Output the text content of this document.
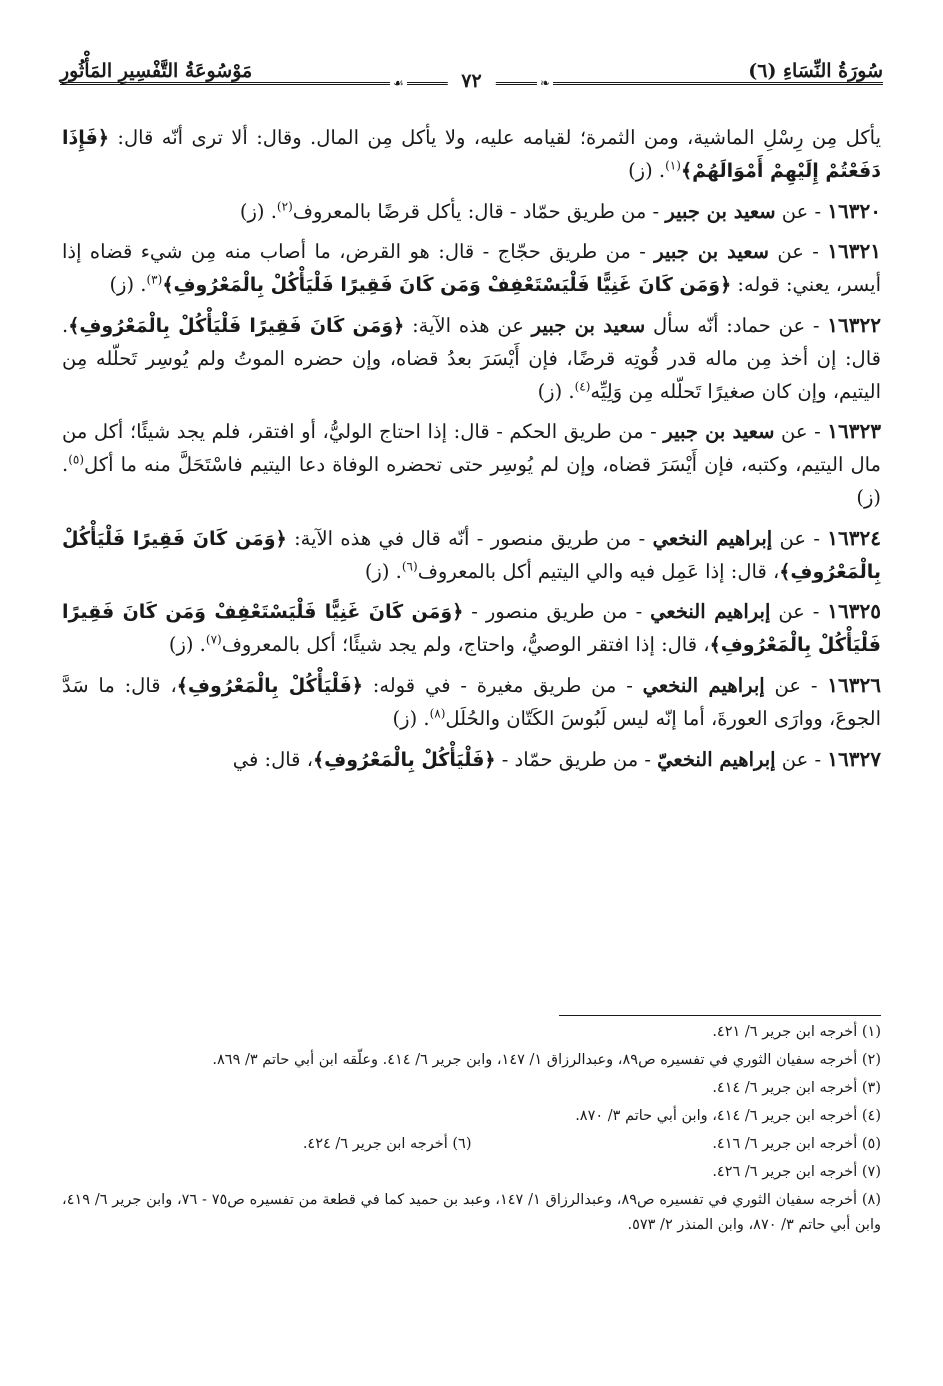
❧
☙
سُورَةُ النِّسَاءِ (٦)
٧٢
مَوْسُوعَةُ التَّفْسِيرِ المَأْثُورِ

يأكل مِن رِسْلِ الماشية، ومن الثمرة؛ لقيامه عليه، ولا يأكل مِن المال. وقال: ألا ترى أنّه قال: ﴿فَإِذَا دَفَعْتُمْ إِلَيْهِمْ أَمْوَالَهُمْ﴾$^{(١)}$. (ز)

١٦٣٢٠ - عن سعيد بن جبير - من طريق حمّاد - قال: يأكل قرضًا بالمعروف$^{(٢)}$. (ز)

١٦٣٢١ - عن سعيد بن جبير - من طريق حجّاج - قال: هو القرض، ما أصاب منه مِن شيء قضاه إذا أيسر، يعني: قوله: ﴿وَمَن كَانَ غَنِيًّا فَلْيَسْتَعْفِفْ وَمَن كَانَ فَقِيرًا فَلْيَأْكُلْ بِالْمَعْرُوفِ﴾$^{(٣)}$. (ز)

١٦٣٢٢ - عن حماد: أنّه سأل سعيد بن جبير عن هذه الآية: ﴿وَمَن كَانَ فَقِيرًا فَلْيَأْكُلْ بِالْمَعْرُوفِ﴾. قال: إن أخذ مِن ماله قدر قُوتِه قرضًا، فإن أَيْسَرَ بعدُ قضاه، وإن حضره الموتُ ولم يُوسِر تَحلّله مِن اليتيم، وإن كان صغيرًا تَحلّله مِن وَلِيِّه$^{(٤)}$. (ز)

١٦٣٢٣ - عن سعيد بن جبير - من طريق الحكم - قال: إذا احتاج الوليُّ، أو افتقر، فلم يجد شيئًا؛ أكل من مال اليتيم، وكتبه، فإن أَيْسَرَ قضاه، وإن لم يُوسِر حتى تحضره الوفاة دعا اليتيم فاسْتَحَلَّ منه ما أكل$^{(٥)}$. (ز)

١٦٣٢٤ - عن إبراهيم النخعي - من طريق منصور - أنّه قال في هذه الآية: ﴿وَمَن كَانَ فَقِيرًا فَلْيَأْكُلْ بِالْمَعْرُوفِ﴾، قال: إذا عَمِل فيه والي اليتيم أكل بالمعروف$^{(٦)}$. (ز)

١٦٣٢٥ - عن إبراهيم النخعي - من طريق منصور - ﴿وَمَن كَانَ غَنِيًّا فَلْيَسْتَعْفِفْ وَمَن كَانَ فَقِيرًا فَلْيَأْكُلْ بِالْمَعْرُوفِ﴾، قال: إذا افتقر الوصيُّ، واحتاج، ولم يجد شيئًا؛ أكل بالمعروف$^{(٧)}$. (ز)

١٦٣٢٦ - عن إبراهيم النخعي - من طريق مغيرة - في قوله: ﴿فَلْيَأْكُلْ بِالْمَعْرُوفِ﴾، قال: ما سَدَّ الجوعَ، ووارَى العورةَ، أما إنّه ليس لَبُوسَ الكَتّان والحُلَل$^{(٨)}$. (ز)

١٦٣٢٧ - عن إبراهيم النخعيّ - من طريق حمّاد - ﴿فَلْيَأْكُلْ بِالْمَعْرُوفِ﴾، قال: في

(١) أخرجه ابن جرير ٦/ ٤٢١.

(٢) أخرجه سفيان الثوري في تفسيره ص٨٩، وعبدالرزاق ١/ ١٤٧، وابن جرير ٦/ ٤١٤. وعلّقه ابن أبي حاتم ٣/ ٨٦٩.

(٣) أخرجه ابن جرير ٦/ ٤١٤.

(٤) أخرجه ابن جرير ٦/ ٤١٤، وابن أبي حاتم ٣/ ٨٧٠.

(٥) أخرجه ابن جرير ٦/ ٤١٦.

(٦) أخرجه ابن جرير ٦/ ٤٢٤.

(٧) أخرجه ابن جرير ٦/ ٤٢٦.

(٨) أخرجه سفيان الثوري في تفسيره ص٨٩، وعبدالرزاق ١/ ١٤٧، وعبد بن حميد كما في قطعة من تفسيره ص٧٥ - ٧٦، وابن جرير ٦/ ٤١٩، وابن أبي حاتم ٣/ ٨٧٠، وابن المنذر ٢/ ٥٧٣.
